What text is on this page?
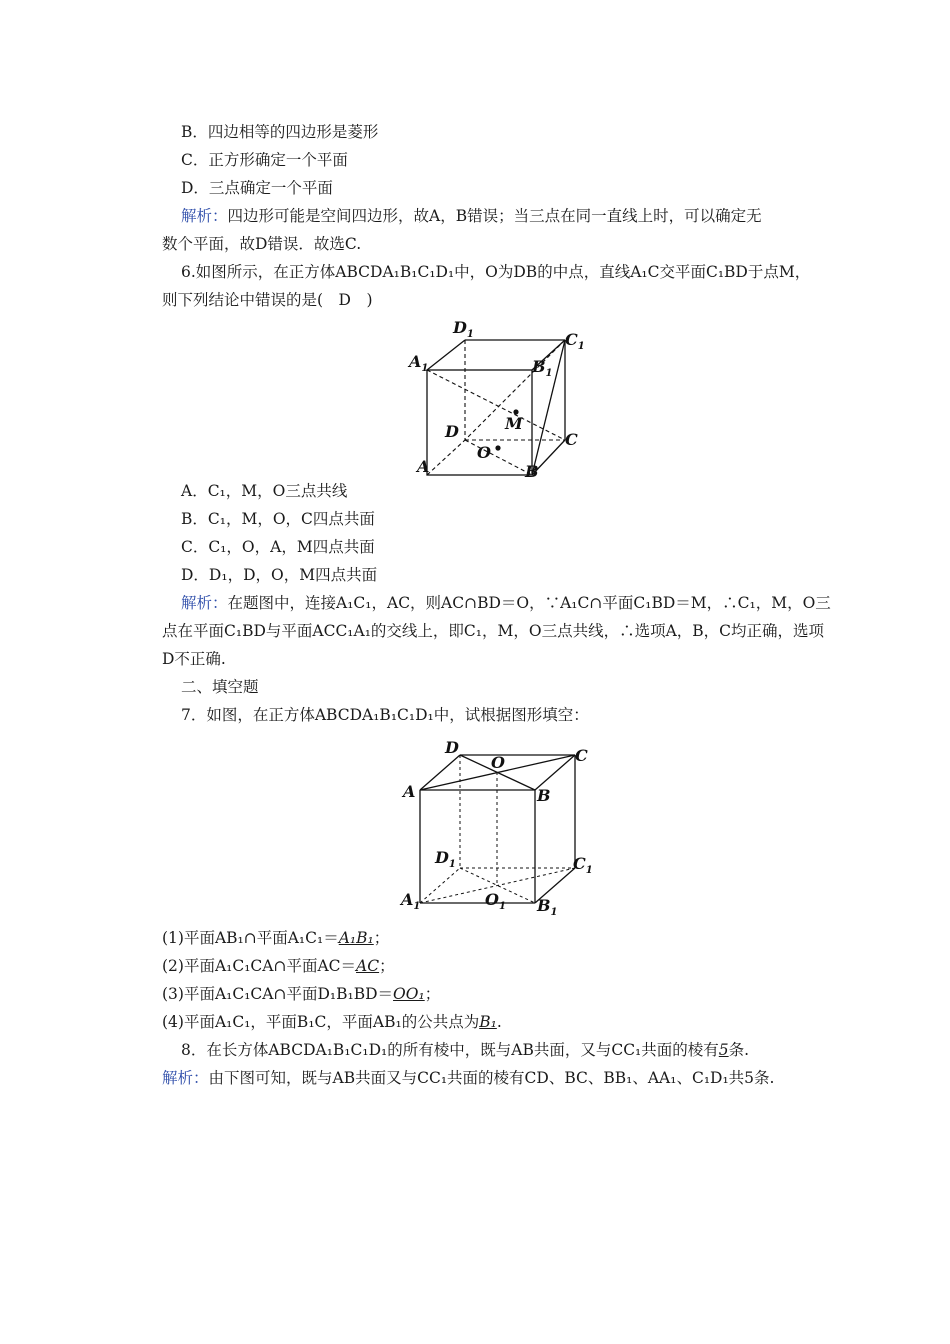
B．四边相等的四边形是菱形
C．正方形确定一个平面
D．三点确定一个平面
解析：四边形可能是空间四边形，故A，B错误；当三点在同一直线上时，可以确定无
数个平面，故D错误．故选C.
6.如图所示，在正方体ABCDA₁B₁C₁D₁中，O为DB的中点，直线A₁C交平面C₁BD于点M，
则下列结论中错误的是(　D　)
$D_1$	$C_1$
$A_1$	$B_1$
M
D	C
A
O
B
A．C₁，M，O三点共线
B．C₁，M，O，C四点共面
C．C₁，O，A，M四点共面
D．D₁，D，O，M四点共面
解析：在题图中，连接A₁C₁，AC，则AC∩BD＝O，∵A₁C∩平面C₁BD＝M，∴C₁，M，O三
点在平面C₁BD与平面ACC₁A₁的交线上，即C₁，M，O三点共线，∴选项A，B，C均正确，选项
D不正确.
二、填空题
7．如图，在正方体ABCDA₁B₁C₁D₁中，试根据图形填空：
D
O	C
A	B
$D_1$	$C_1$
$A_1$	$O_1$ $B_1$
(1)平面AB₁∩平面A₁C₁＝A₁B₁；
(2)平面A₁C₁CA∩平面AC＝AC；
(3)平面A₁C₁CA∩平面D₁B₁BD＝OO₁；
(4)平面A₁C₁，平面B₁C，平面AB₁的公共点为B₁.
8．在长方体ABCDA₁B₁C₁D₁的所有棱中，既与AB共面，又与CC₁共面的棱有5条.
解析：由下图可知，既与AB共面又与CC₁共面的棱有CD、BC、BB₁、AA₁、C₁D₁共5条.
